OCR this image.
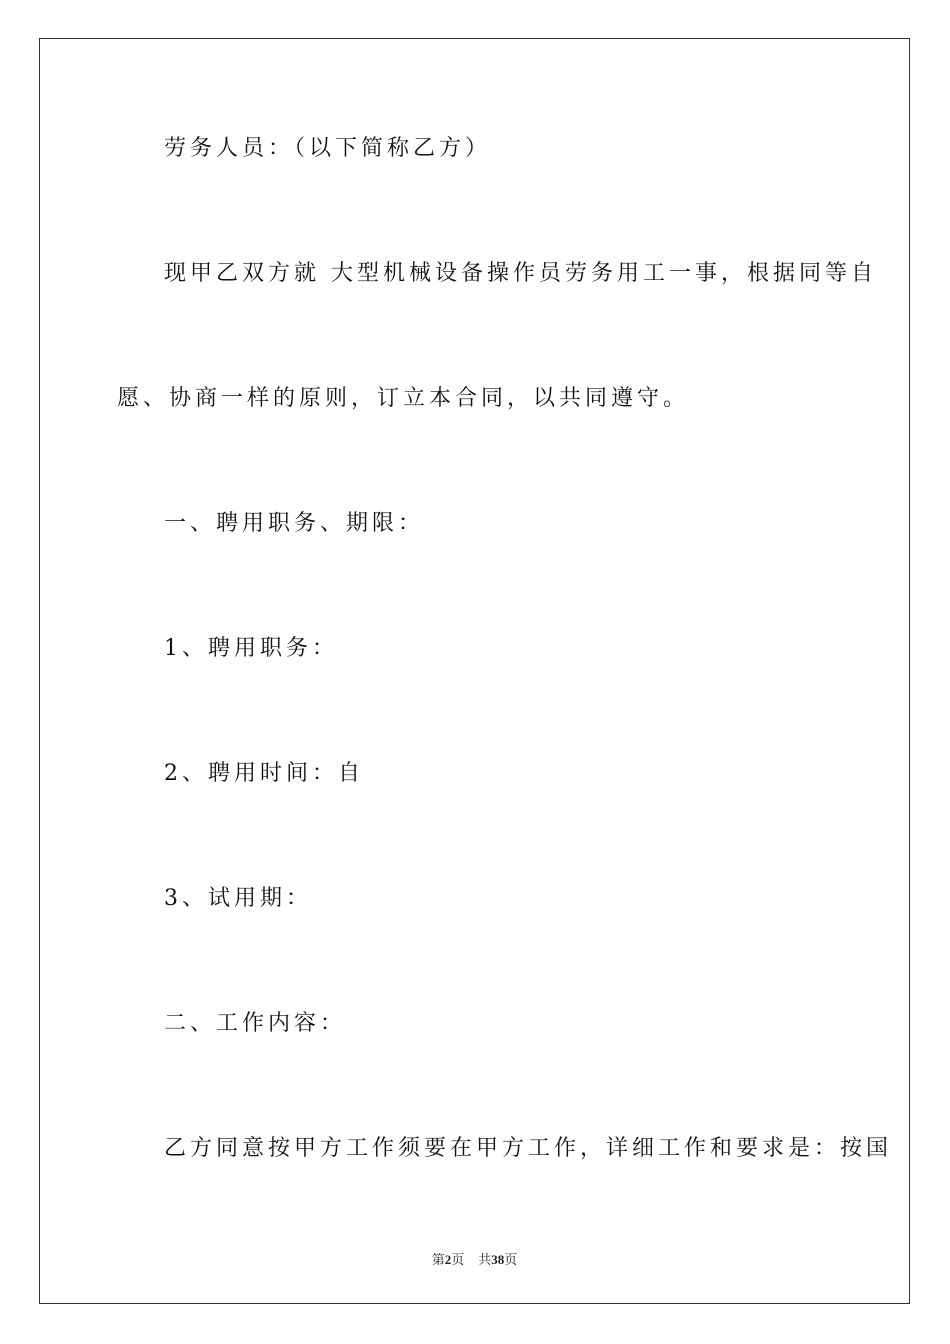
劳务人员：（以下简称乙方）
现甲乙双方就 大型机械设备操作员劳务用工一事，根据同等自
愿、协商一样的原则，订立本合同，以共同遵守。
一、聘用职务、期限：
1、聘用职务：
2、聘用时间：自
3、试用期：
二、工作内容：
乙方同意按甲方工作须要在甲方工作，详细工作和要求是：按国
第2页 共38页
